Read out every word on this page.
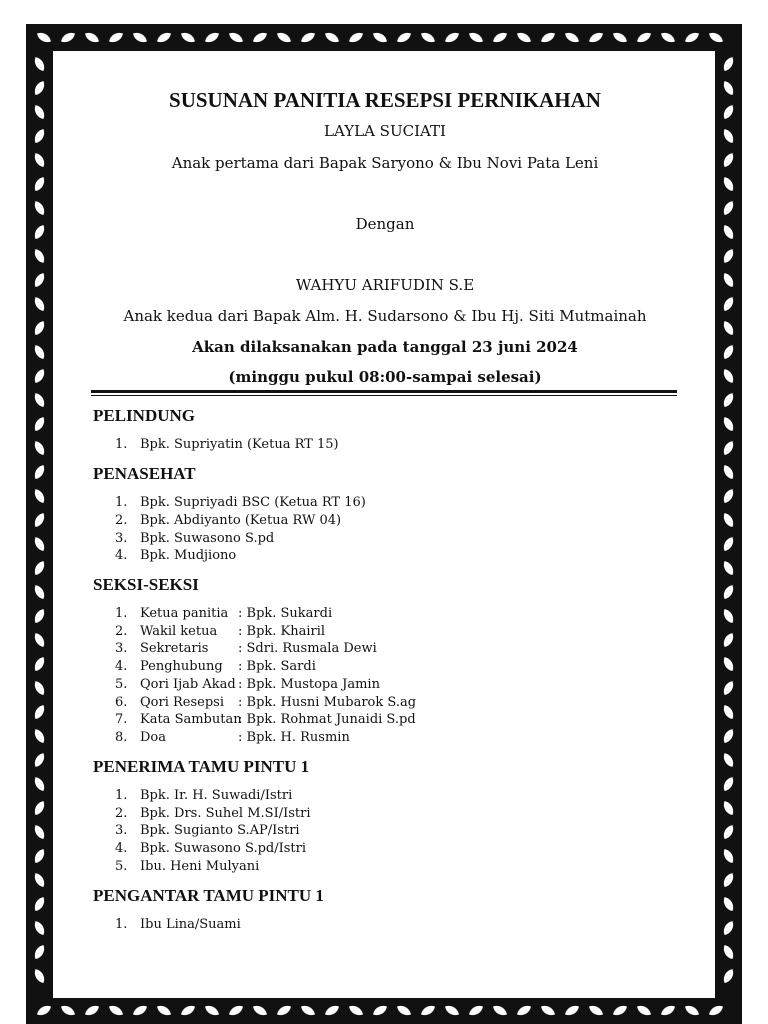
SUSUNAN PANITIA RESEPSI PERNIKAHAN
LAYLA SUCIATI
Anak pertama dari Bapak Saryono & Ibu Novi Pata Leni
Dengan
WAHYU ARIFUDIN S.E
Anak kedua dari Bapak Alm. H. Sudarsono & Ibu Hj. Siti Mutmainah
Akan dilaksanakan pada tanggal 23 juni 2024
(minggu pukul 08:00-sampai selesai)
PELINDUNG
1. Bpk. Supriyatin (Ketua RT 15)
PENASEHAT
1. Bpk. Supriyadi BSC (Ketua RT 16)
2. Bpk. Abdiyanto (Ketua RW 04)
3. Bpk. Suwasono S.pd
4. Bpk. Mudjiono
SEKSI-SEKSI
1. Ketua panitia : Bpk. Sukardi
2. Wakil ketua : Bpk. Khairil
3. Sekretaris : Sdri. Rusmala Dewi
4. Penghubung : Bpk. Sardi
5. Qori Ijab Akad : Bpk. Mustopa Jamin
6. Qori Resepsi : Bpk. Husni Mubarok S.ag
7. Kata Sambutan: Bpk. Rohmat Junaidi S.pd
8. Doa	: Bpk. H. Rusmin
PENERIMA TAMU PINTU 1
1. Bpk. Ir. H. Suwadi/Istri
2. Bpk. Drs. Suhel M.SI/Istri
3. Bpk. Sugianto S.AP/Istri
4. Bpk. Suwasono S.pd/Istri
5. Ibu. Heni Mulyani
PENGANTAR TAMU PINTU 1
1. Ibu Lina/Suami
